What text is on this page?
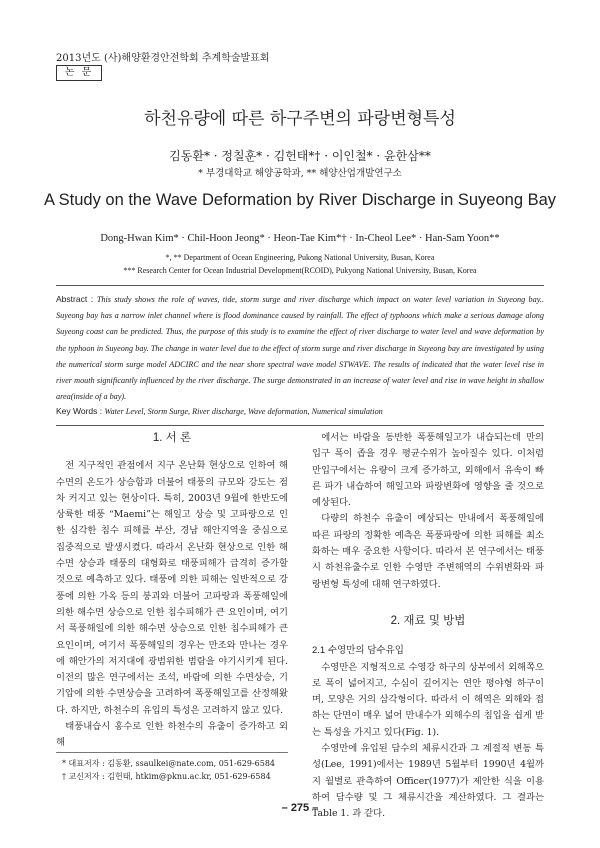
2013년도 (사)해양환경안전학회 추계학술발표회
논 문
하천유량에 따른 하구주변의 파랑변형특성
김동환* · 정칠훈* · 김헌태*† · 이인철* · 윤한삼**
* 부경대학교 해양공학과, ** 해양산업개발연구소
A Study on the Wave Deformation by River Discharge in Suyeong Bay
Dong-Hwan Kim* · Chil-Hoon Jeong* · Heon-Tae Kim*† · In-Cheol Lee* · Han-Sam Yoon**
*, ** Department of Ocean Engineering, Pukong National University, Busan, Korea
*** Research Center for Ocean Industrial Development(RCOID), Pukyong National University, Busan, Korea
Abstract : This study shows the role of waves, tide, storm surge and river discharge which impact on water level variation in Suyeong bay.. Suyeong bay has a narrow inlet channel where is flood dominance caused by rainfall. The effect of typhoons which make a serious damage along Suyeong coast can be predicted. Thus, the purpose of this study is to examine the effect of river discharge to water level and wave deformation by the typhoon in Suyeong bay. The change in water level due to the effect of storm surge and river discharge in Suyeong bay are investigated by using the numerical storm surge model ADCIRC and the near shore spectral wave model STWAVE. The results of indicated that the water level rise in river mouth significantly influenced by the river discharge. The surge demonstrated in an increase of water level and rise in wave height in shallow area(inside of a bay).
Key Words : Water Level, Storm Surge, River discharge, Wave deformation, Numerical simulation
1. 서 론

전 지구적인 관점에서 지구 온난화 현상으로 인하여 해수면의 온도가 상승함과 더불어 태풍의 규모와 강도는 점차 커지고 있는 현상이다. 특히, 2003년 9월에 한반도에 상륙한 태풍 “Maemi”는 해일고 상승 및 고파랑으로 인한 심각한 침수 피해를 부산, 경남 해안지역을 중심으로 집중적으로 발생시켰다. 따라서 온난화 현상으로 인한 해수면 상승과 태풍의 대형화로 태풍피해가 급격히 증가할 것으로 예측하고 있다. 태풍에 의한 피해는 일반적으로 강풍에 의한 가옥 등의 붕괴와 더불어 고파랑과 폭풍해일에 의한 해수면 상승으로 인한 침수피해가 큰 요인이며, 여기서 폭풍해일에 의한 해수면 상승으로 인한 침수피해가 큰 요인이며, 여기서 폭풍해일의 경우는 만조와 만나는 경우에 해안가의 저지대에 광범위한 범람을 야기시키게 된다. 이전의 많은 연구에서는 조석, 바람에 의한 수면상승, 기기압에 의한 수면상승을 고려하여 폭풍해일고를 산정해왔다. 하지만, 하천수의 유입의 특성은 고려하지 않고 있다.

태풍내습시 홍수로 인한 하천수의 유출이 증가하고 외해

* 대표저자 : 김동환, ssaulkei@nate.com, 051-629-6584
† 교신저자 : 김헌태, htkim@pknu.ac.kr, 051-629-6584

에서는 바람을 동반한 폭풍해일고가 내습되는데 만의 입구 폭이 좁을 경우 평균수위가 높아질수 있다. 이처럼 만입구에서는 유량이 크게 증가하고, 외해에서 유속이 빠른 파가 내습하여 해일고와 파랑변화에 영향을 줄 것으로 예상된다.

다량의 하천수 유출이 예상되는 만내에서 폭풍해일에 따른 파랑의 정확한 예측은 폭풍파랑에 의한 피해를 최소화하는 매우 중요한 사항이다. 따라서 본 연구에서는 태풍시 하천유출수로 인한 수영만 주변해역의 수위변화와 파랑변형 특성에 대해 연구하였다.

2. 재료 및 방법
2.1 수영만의 담수유입

수영만은 지형적으로 수영강 하구의 상부에서 외해쪽으로 폭이 넓어지고, 수심이 깊어지는 연안 평야형 하구이며, 모양은 거의 삼각형이다. 따라서 이 해역은 외해와 접하는 단면이 매우 넓어 만내수가 외해수의 침입을 쉽게 받는 특성을 가지고 있다(Fig. 1).

수영만에 유입된 담수의 체류시간과 그 계절적 변동 특성(Lee, 1991)에서는 1989년 5월부터 1990년 4월까지 월별로 관측하여 Officer(1977)가 제안한 식을 이용하여 담수량 및 그 체류시간을 계산하였다. 그 결과는 Table 1. 과 같다.

– 275 –
